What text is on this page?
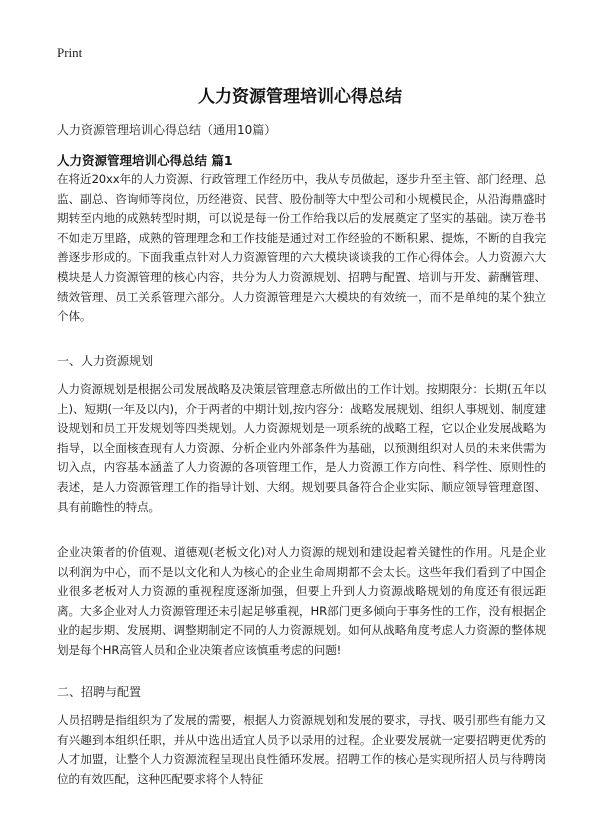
Print
人力资源管理培训心得总结
人力资源管理培训心得总结（通用10篇）
人力资源管理培训心得总结 篇1

在将近20xx年的人力资源、行政管理工作经历中，我从专员做起，逐步升至主管、部门经理、总监、副总、咨询师等岗位，历经港资、民营、股份制等大中型公司和小规模民企，从沿海鼎盛时期转至内地的成熟转型时期，可以说是每一份工作给我以后的发展奠定了坚实的基础。读万卷书不如走万里路，成熟的管理理念和工作技能是通过对工作经验的不断积累、提炼，不断的自我完善逐步形成的。下面我重点针对人力资源管理的六大模块谈谈我的工作心得体会。人力资源六大模块是人力资源管理的核心内容，共分为人力资源规划、招聘与配置、培训与开发、薪酬管理、绩效管理、员工关系管理六部分。人力资源管理是六大模块的有效统一，而不是单纯的某个独立个体。

一、人力资源规划

人力资源规划是根据公司发展战略及决策层管理意志所做出的工作计划。按期限分：长期(五年以上)、短期(一年及以内)，介于两者的中期计划,按内容分：战略发展规划、组织人事规划、制度建设规划和员工开发规划等四类规划。人力资源规划是一项系统的战略工程，它以企业发展战略为指导，以全面核查现有人力资源、分析企业内外部条件为基础，以预测组织对人员的未来供需为切入点，内容基本涵盖了人力资源的各项管理工作，是人力资源工作方向性、科学性、原则性的表述，是人力资源管理工作的指导计划、大纲。规划要具备符合企业实际、顺应领导管理意图、具有前瞻性的特点。

企业决策者的价值观、道德观(老板文化)对人力资源的规划和建设起着关键性的作用。凡是企业以利润为中心，而不是以文化和人为核心的企业生命周期都不会太长。这些年我们看到了中国企业很多老板对人力资源的重视程度逐渐加强，但要上升到人力资源战略规划的角度还有很远距离。大多企业对人力资源管理还未引起足够重视，HR部门更多倾向于事务性的工作，没有根据企业的起步期、发展期、调整期制定不同的人力资源规划。如何从战略角度考虑人力资源的整体规划是每个HR高管人员和企业决策者应该慎重考虑的问题!

二、招聘与配置

人员招聘是指组织为了发展的需要，根据人力资源规划和发展的要求，寻找、吸引那些有能力又有兴趣到本组织任职，并从中选出适宜人员予以录用的过程。企业要发展就一定要招聘更优秀的人才加盟，让整个人力资源流程呈现出良性循环发展。招聘工作的核心是实现所招人员与待聘岗位的有效匹配，这种匹配要求将个人特征
